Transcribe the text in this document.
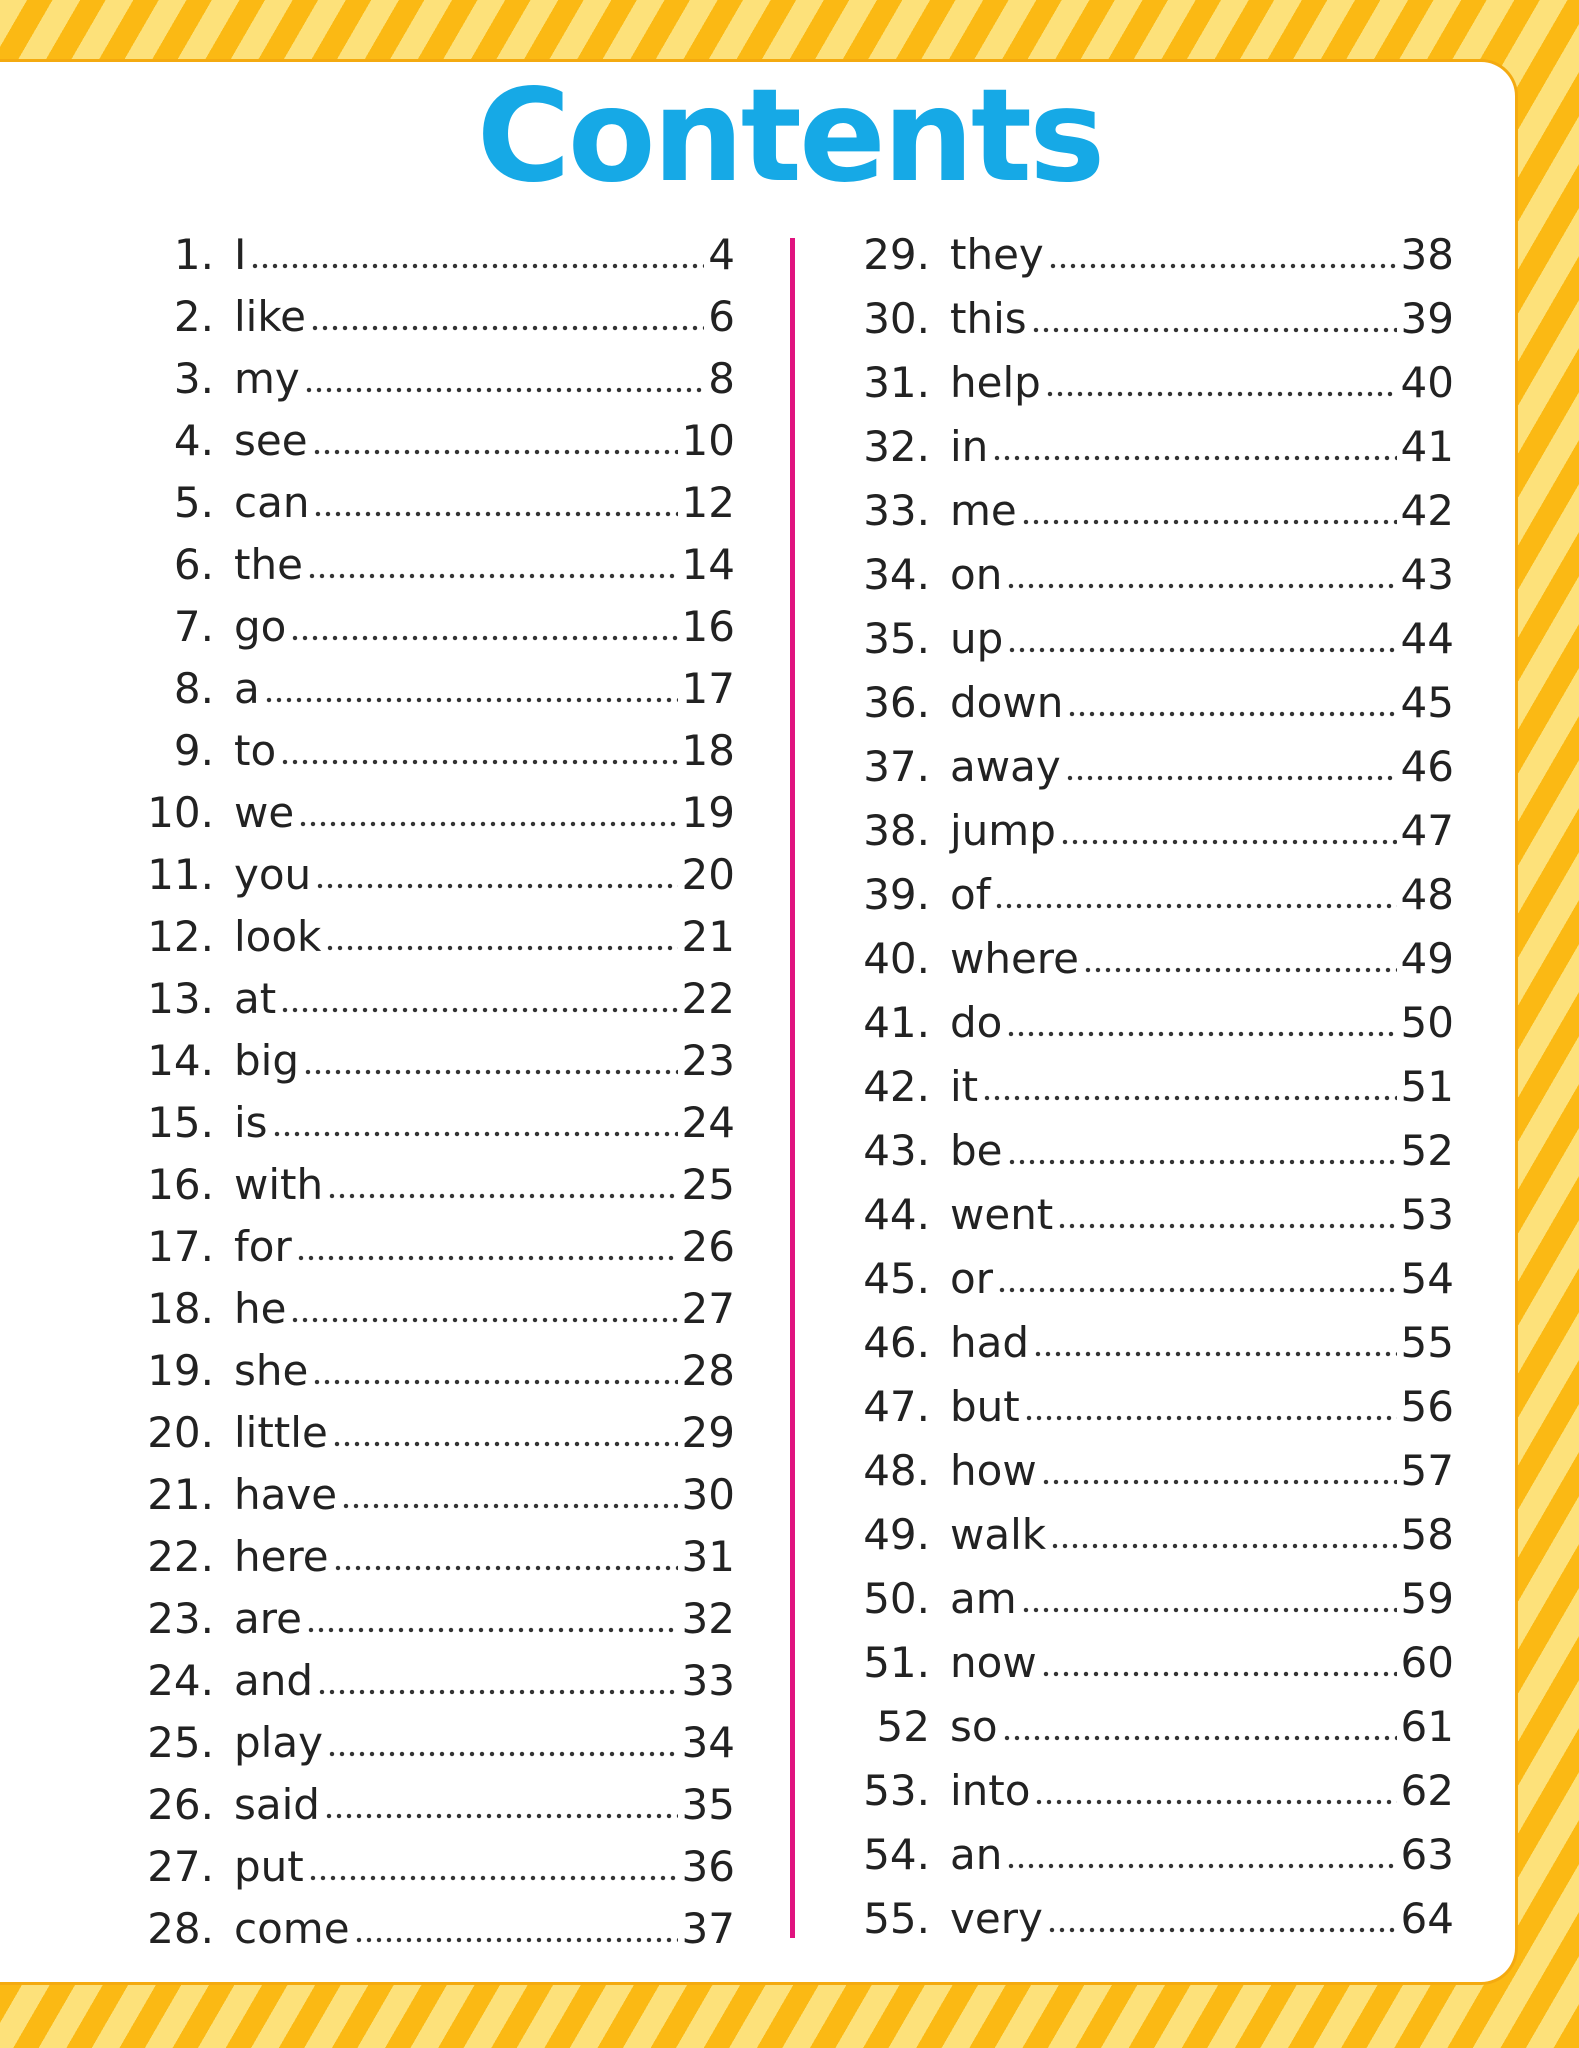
Contents
1. I	4
2. like	6
3. my	8
4. see	10
5. can	12
6. the	14
7. go	16
8. a	17
9. to	18
10. we	19
11. you	20
12. look	21
13. at	22
14. big	23
15. is	24
16. with	25
17. for	26
18. he	27
19. she	28
20. little	29
21. have	30
22. here	31
23. are	32
24. and	33
25. play	34
26. said	35
27. put	36
28. come	37
29. they	38
30. this	39
31. help	40
32. in	41
33. me	42
34. on	43
35. up	44
36. down	45
37. away	46
38. jump	47
39. of	48
40. where	49
41. do	50
42. it	51
43. be	52
44. went	53
45. or	54
46. had	55
47. but	56
48. how	57
49. walk	58
50. am	59
51. now	60
52 so	61
53. into	62
54. an	63
55. very	64
